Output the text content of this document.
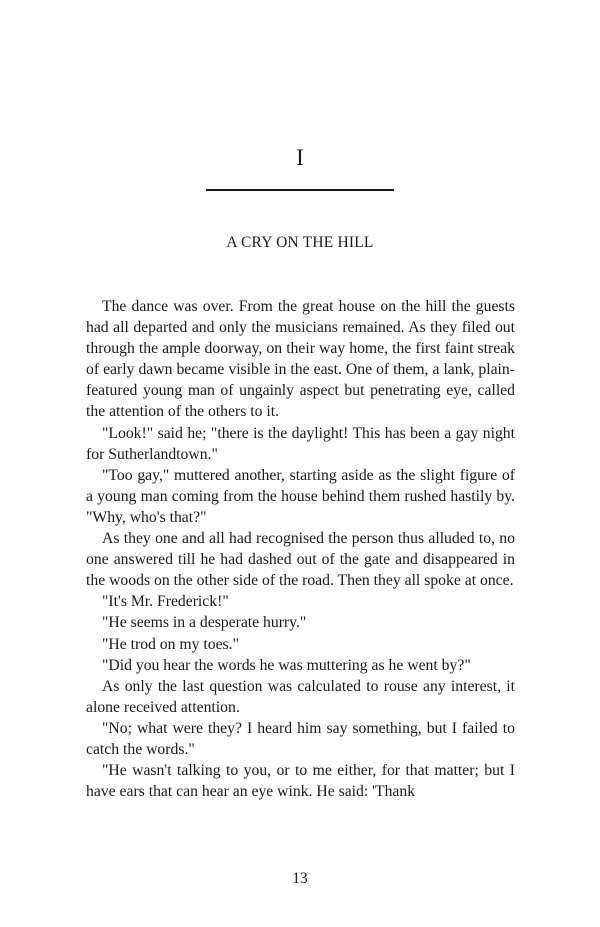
I
A CRY ON THE HILL

The dance was over. From the great house on the hill the guests had all departed and only the musicians remained. As they filed out through the ample doorway, on their way home, the first faint streak of early dawn became visible in the east. One of them, a lank, plain-featured young man of ungainly aspect but penetrating eye, called the attention of the others to it.

"Look!" said he; "there is the daylight! This has been a gay night for Sutherlandtown."

"Too gay," muttered another, starting aside as the slight figure of a young man coming from the house behind them rushed hastily by. "Why, who's that?"

As they one and all had recognised the person thus alluded to, no one answered till he had dashed out of the gate and disappeared in the woods on the other side of the road. Then they all spoke at once.

"It's Mr. Frederick!"

"He seems in a desperate hurry."

"He trod on my toes."

"Did you hear the words he was muttering as he went by?"

As only the last question was calculated to rouse any interest, it alone received attention.

"No; what were they? I heard him say something, but I failed to catch the words."

"He wasn't talking to you, or to me either, for that matter; but I have ears that can hear an eye wink. He said: 'Thank

13
